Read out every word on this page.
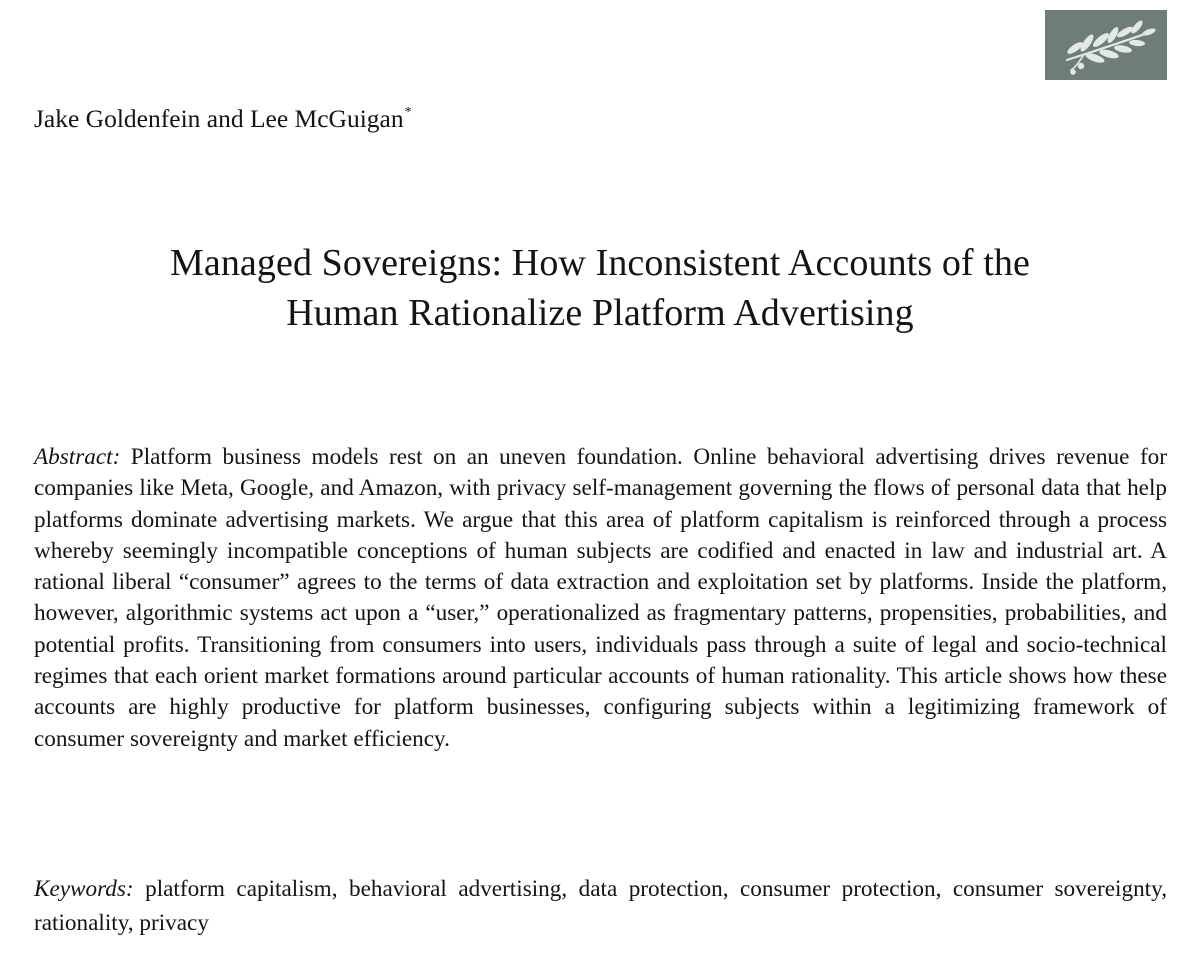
Jake Goldenfein and Lee McGuigan*
Managed Sovereigns: How Inconsistent Accounts of the
Human Rationalize Platform Advertising

Abstract: Platform business models rest on an uneven foundation. Online behavioral advertising drives revenue for companies like Meta, Google, and Amazon, with privacy self-management governing the flows of personal data that help platforms dominate advertising markets. We argue that this area of platform capitalism is reinforced through a process whereby seemingly incompatible conceptions of human subjects are codified and enacted in law and industrial art. A rational liberal “consumer” agrees to the terms of data extraction and exploitation set by platforms. Inside the platform, however, algorithmic systems act upon a “user,” operationalized as fragmentary patterns, propensities, probabilities, and potential profits. Transitioning from consumers into users, individuals pass through a suite of legal and socio-technical regimes that each orient market formations around particular accounts of human rationality. This article shows how these accounts are highly productive for platform businesses, configuring subjects within a legitimizing framework of consumer sovereignty and market efficiency.

Keywords: platform capitalism, behavioral advertising, data protection, consumer protection, consumer sovereignty, rationality, privacy
